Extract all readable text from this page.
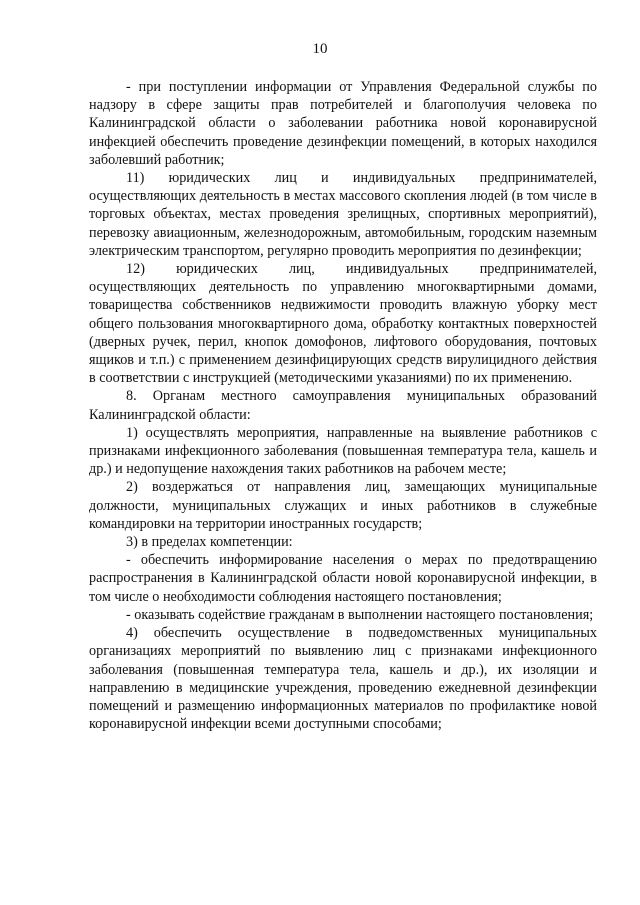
10

- при поступлении информации от Управления Федеральной службы по надзору в сфере защиты прав потребителей и благополучия человека по Калининградской области о заболевании работника новой коронавирусной инфекцией обеспечить проведение дезинфекции помещений, в которых находился заболевший работник;

11) юридических лиц и индивидуальных предпринимателей, осуществляющих деятельность в местах массового скопления людей (в том числе в торговых объектах, местах проведения зрелищных, спортивных мероприятий), перевозку авиационным, железнодорожным, автомобильным, городским наземным электрическим транспортом, регулярно проводить мероприятия по дезинфекции;

12) юридических лиц, индивидуальных предпринимателей, осуществляющих деятельность по управлению многоквартирными домами, товарищества собственников недвижимости проводить влажную уборку мест общего пользования многоквартирного дома, обработку контактных поверхностей (дверных ручек, перил, кнопок домофонов, лифтового оборудования, почтовых ящиков и т.п.) с применением дезинфицирующих средств вирулицидного действия в соответствии с инструкцией (методическими указаниями) по их применению.

8. Органам местного самоуправления муниципальных образований Калининградской области:

1) осуществлять мероприятия, направленные на выявление работников с признаками инфекционного заболевания (повышенная температура тела, кашель и др.) и недопущение нахождения таких работников на рабочем месте;

2) воздержаться от направления лиц, замещающих муниципальные должности, муниципальных служащих и иных работников в служебные командировки на территории иностранных государств;

3) в пределах компетенции:

- обеспечить информирование населения о мерах по предотвращению распространения в Калининградской области новой коронавирусной инфекции, в том числе о необходимости соблюдения настоящего постановления;

- оказывать содействие гражданам в выполнении настоящего постановления;

4) обеспечить осуществление в подведомственных муниципальных организациях мероприятий по выявлению лиц с признаками инфекционного заболевания (повышенная температура тела, кашель и др.), их изоляции и направлению в медицинские учреждения, проведению ежедневной дезинфекции помещений и размещению информационных материалов по профилактике новой коронавирусной инфекции всеми доступными способами;
